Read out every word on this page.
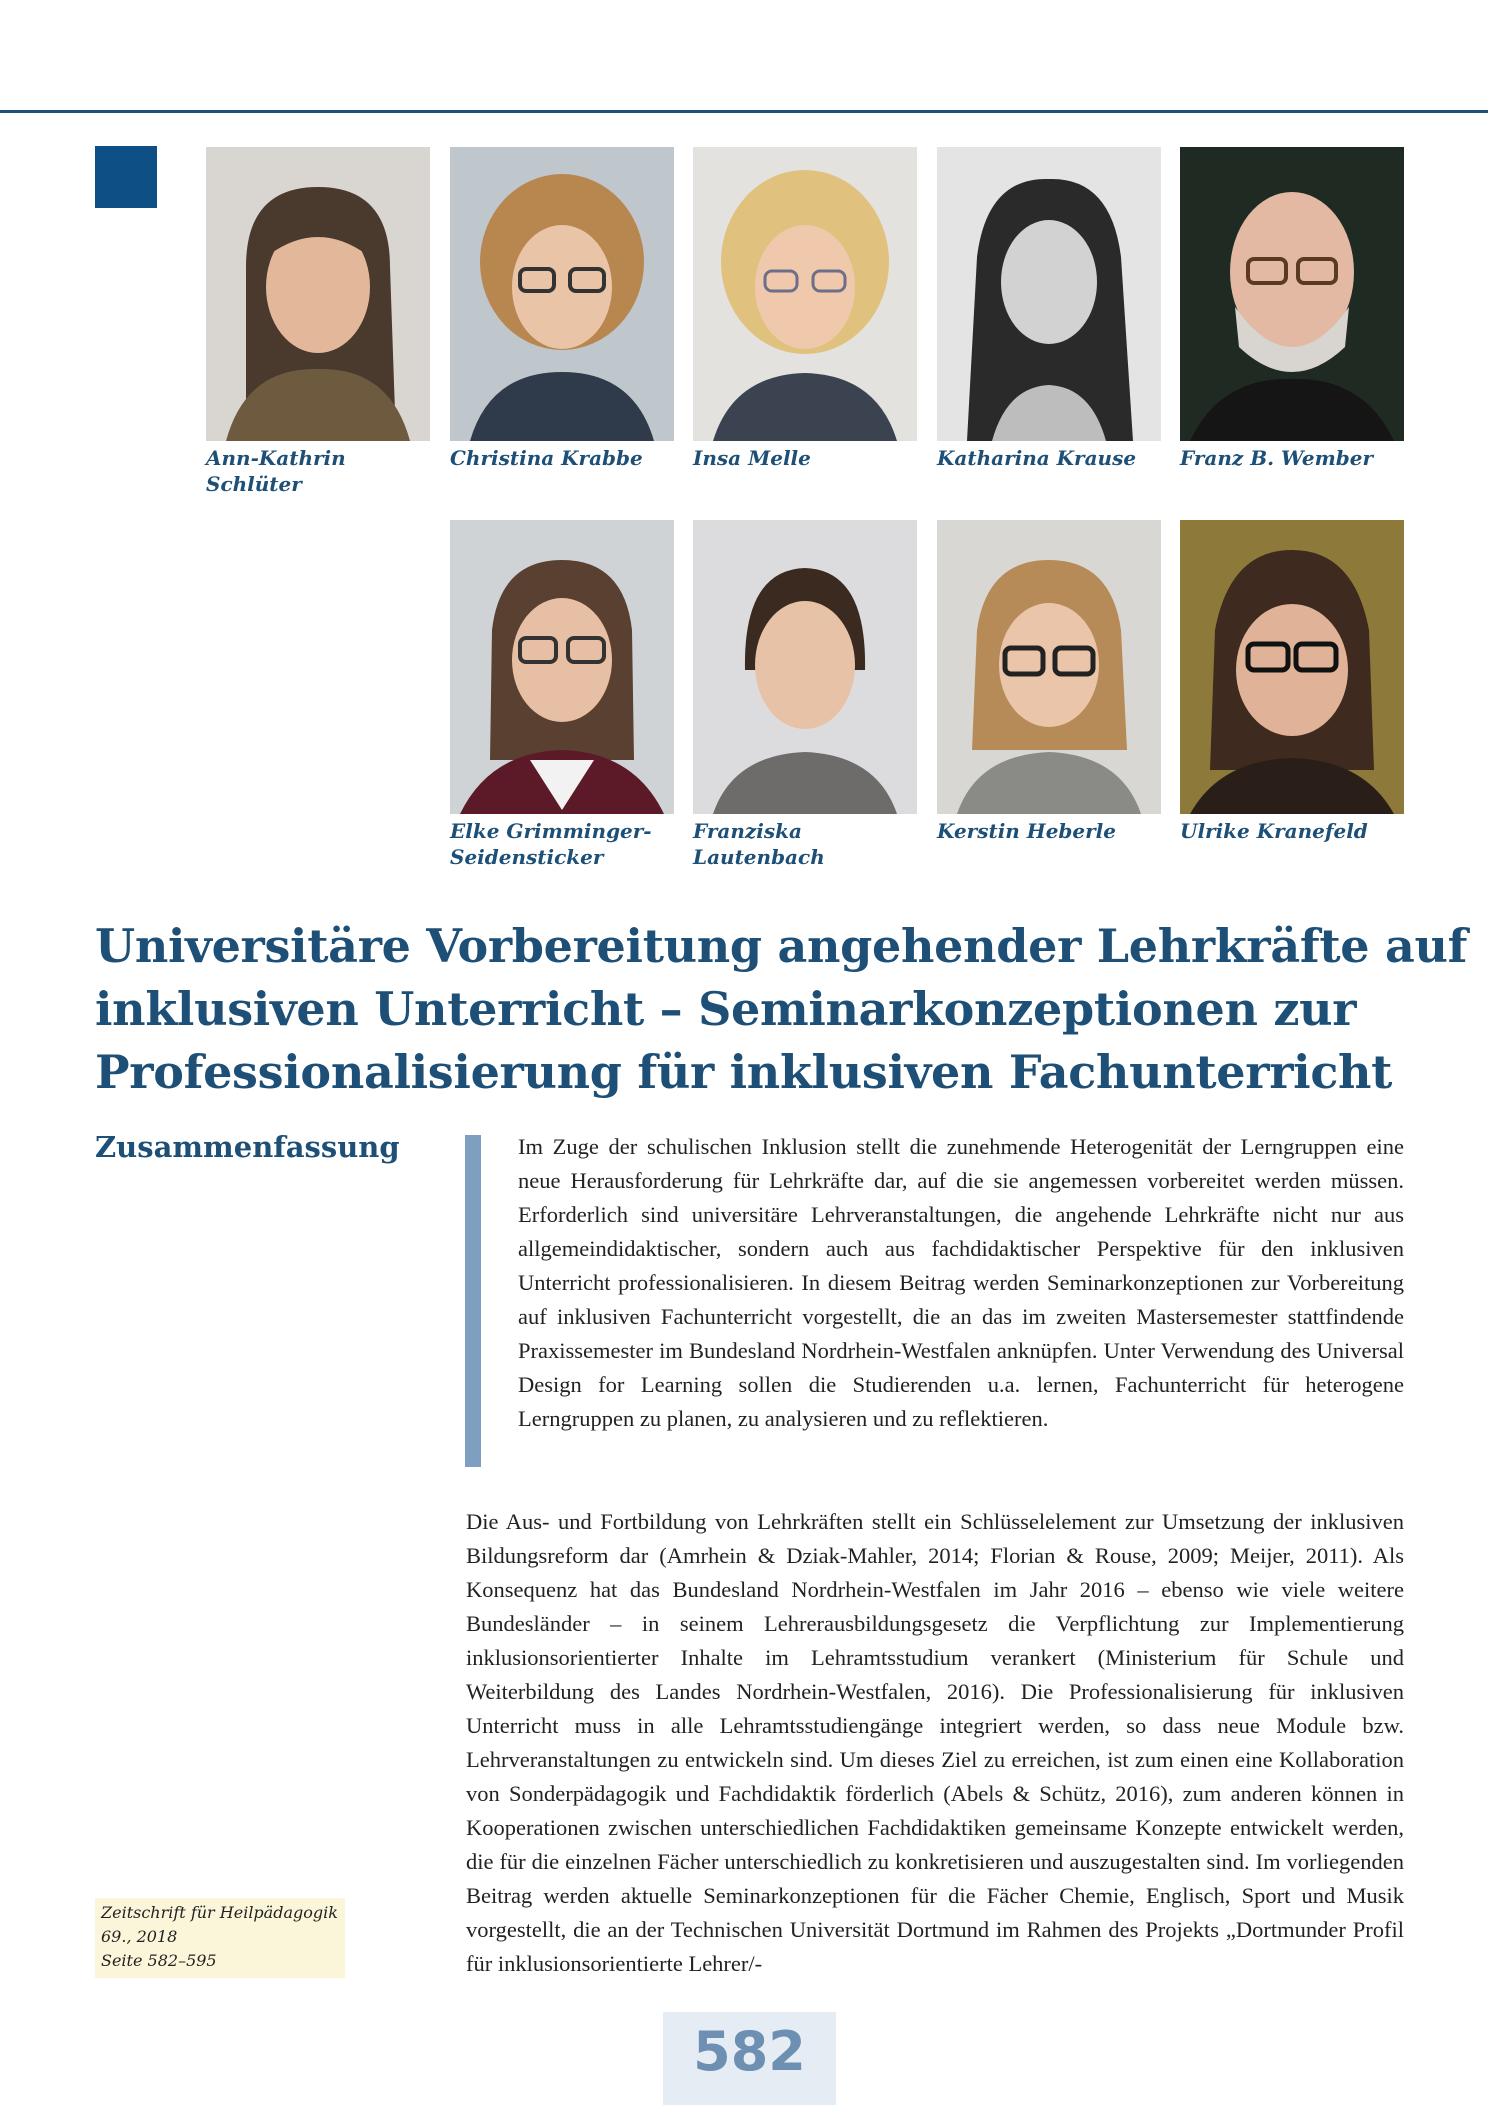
Ann-Kathrin
Schlüter
Christina Krabbe	Insa Melle	Katharina Krause	Franz B. Wember
Elke Grimminger-
Seidensticker
Franziska
Lautenbach
Kerstin Heberle	Ulrike Kranefeld
Universitäre Vorbereitung angehender Lehrkräfte auf
inklusiven Unterricht – Seminarkonzeptionen zur
Professionalisierung für inklusiven Fachunterricht
Zusammenfassung	Im Zuge der schulischen Inklusion stellt die zunehmende Heterogenität der Lerngruppen eine neue Herausforderung für Lehrkräfte dar, auf die sie angemessen vorbereitet werden müssen. Erforderlich sind universitäre Lehrveranstaltungen, die angehende Lehrkräfte nicht nur aus allgemeindidaktischer, sondern auch aus fachdidaktischer Perspektive für den inklusiven Unterricht professionalisieren. In diesem Beitrag werden Seminarkonzeptionen zur Vorbereitung auf inklusiven Fachunterricht vorgestellt, die an das im zweiten Mastersemester stattfindende Praxissemester im Bundesland Nordrhein-Westfalen anknüpfen. Unter Verwendung des Universal Design for Learning sollen die Studierenden u.a. lernen, Fachunterricht für heterogene Lerngruppen zu planen, zu analysieren und zu reflektieren.

Die Aus- und Fortbildung von Lehrkräften stellt ein Schlüsselelement zur Umsetzung der inklusiven Bildungsreform dar (Amrhein & Dziak-Mahler, 2014; Florian & Rouse, 2009; Meijer, 2011). Als Konsequenz hat das Bundesland Nordrhein-Westfalen im Jahr 2016 – ebenso wie viele weitere Bundesländer – in seinem Lehrerausbildungsgesetz die Verpflichtung zur Implementierung inklusionsorientierter Inhalte im Lehramtsstudium verankert (Ministerium für Schule und Weiterbildung des Landes Nordrhein-Westfalen, 2016). Die Professionalisierung für inklusiven Unterricht muss in alle Lehramtsstudiengänge integriert werden, so dass neue Module bzw. Lehrveranstaltungen zu entwickeln sind. Um dieses Ziel zu erreichen, ist zum einen eine Kollaboration von Sonderpädagogik und Fachdidaktik förderlich (Abels & Schütz, 2016), zum anderen können in Kooperationen zwischen unterschiedlichen Fachdidaktiken gemeinsame Konzepte entwickelt werden, die für die einzelnen Fächer unterschiedlich zu konkretisieren und auszugestalten sind. Im vorliegenden Beitrag werden aktuelle Seminarkonzeptionen für die Fächer Chemie, Englisch, Sport und Musik vorgestellt, die an der Technischen Universität Dortmund im Rahmen des Projekts „Dortmunder Profil für inklusionsorientierte Lehrer/-

Zeitschrift für Heilpädagogik
69., 2018
Seite 582–595
582
